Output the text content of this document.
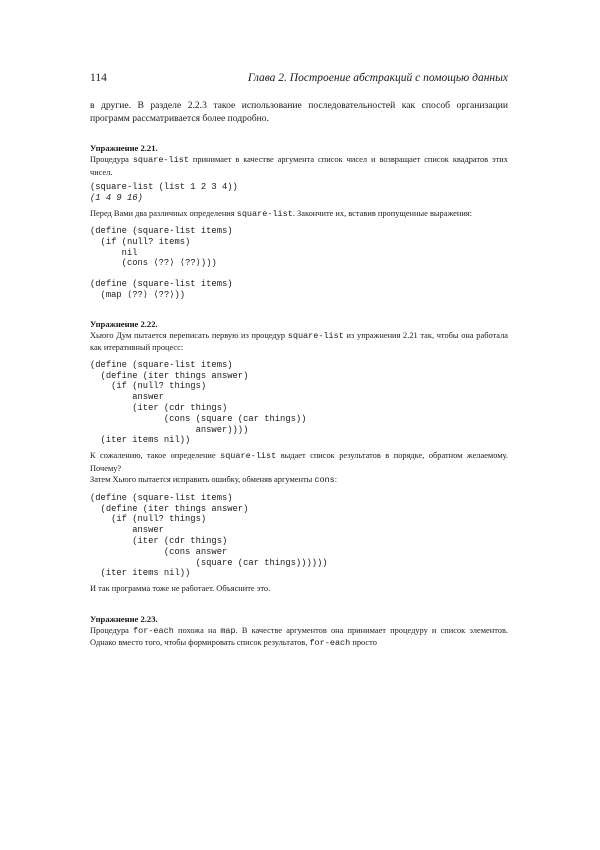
114	Глава 2. Построение абстракций с помощью данных

в другие. В разделе 2.2.3 такое использование последовательностей как способ организации программ рассматривается более подробно.

Упражнение 2.21.

Процедура square-list принимает в качестве аргумента список чисел и возвращает список квадратов этих чисел.

(square-list (list 1 2 3 4))
(1 4 9 16)

Перед Вами два различных определения square-list. Закончите их, вставив пропущенные выражения:

(define (square-list items)
(if (null? items)
nil
(cons ⟨??⟩ ⟨??⟩)))
(define (square-list items)
(map ⟨??⟩ ⟨??⟩))
Упражнение 2.22.

Хьюго Дум пытается переписать первую из процедур square-list из упражнения 2.21 так, чтобы она работала как итеративный процесс:

(define (square-list items)
(define (iter things answer)
(if (null? things)
answer
(iter (cdr things)
(cons (square (car things))
answer))))
(iter items nil))

К сожалению, такое определение square-list выдает список результатов в порядке, обратном желаемому. Почему?

Затем Хьюго пытается исправить ошибку, обменяв аргументы cons:

(define (square-list items)
(define (iter things answer)
(if (null? things)
answer
(iter (cdr things)
(cons answer
(square (car things))))))
(iter items nil))

И так программа тоже не работает. Объясните это.

Упражнение 2.23.

Процедура for-each похожа на map. В качестве аргументов она принимает процедуру и список элементов. Однако вместо того, чтобы формировать список результатов, for-each просто
